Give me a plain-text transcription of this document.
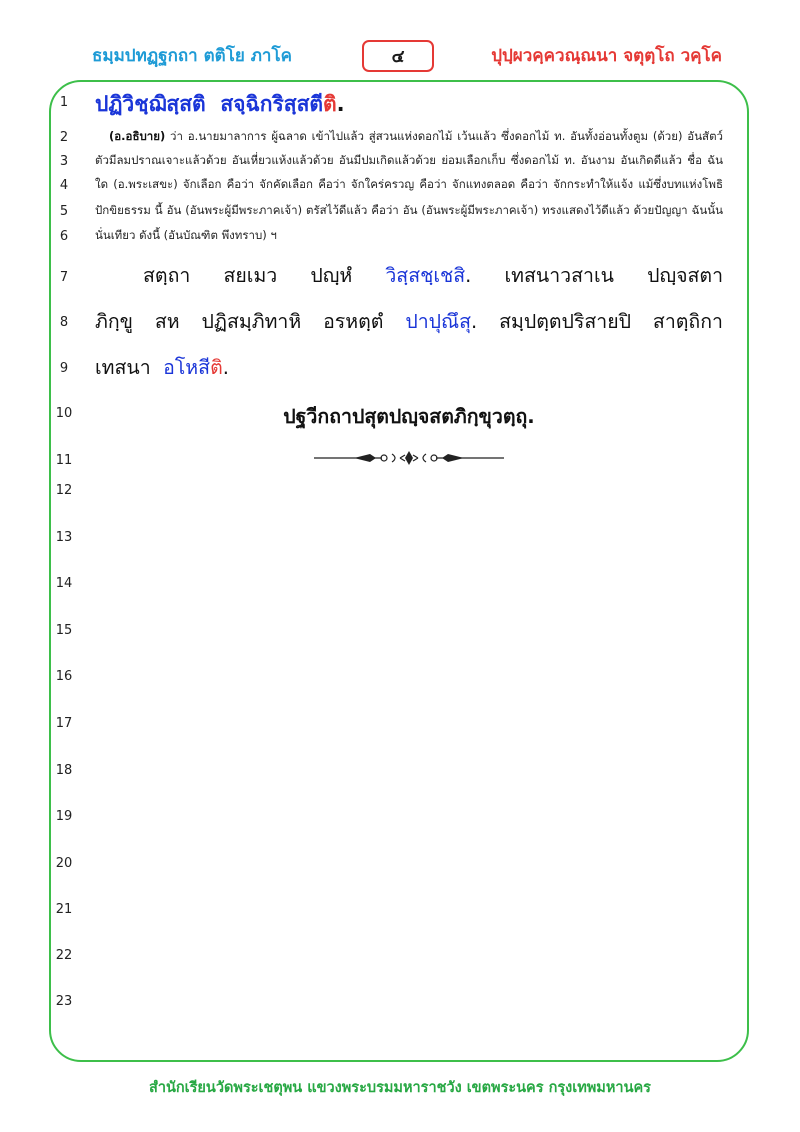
ธมฺมปทฏฺฐกถา ตติโย ภาโค	๔	ปุปฺผวคฺควณฺณนา จตุตฺโถ วคฺโค
1
2
3
4
5
6
7
8
9
10
11
12
13
14
15
16
17
18
19
20
21
22
23
ปฏิวิชฺฌิสฺสติ สจฺฉิกริสฺสตีติ.
(อ.อธิบาย) ว่า อ.นายมาลาการ ผู้ฉลาด เข้าไปแล้ว สู่สวนแห่งดอกไม้ เว้นแล้ว ซึ่งดอกไม้ ท. อันทั้งอ่อนทั้งตูม (ด้วย) อันสัตว์
ตัวมีลมปราณเจาะแล้วด้วย อันเหี่ยวแห้งแล้วด้วย อันมีปมเกิดแล้วด้วย ย่อมเลือกเก็บ ซึ่งดอกไม้ ท. อันงาม อันเกิดดีแล้ว ชื่อ ฉัน
ใด (อ.พระเสขะ) จักเลือก คือว่า จักคัดเลือก คือว่า จักใคร่ครวญ คือว่า จักแทงตลอด คือว่า จักกระทำให้แจ้ง แม้ซึ่งบทแห่งโพธิ
ปักขิยธรรม นี้ อัน (อันพระผู้มีพระภาคเจ้า) ตรัสไว้ดีแล้ว คือว่า อัน (อันพระผู้มีพระภาคเจ้า) ทรงแสดงไว้ดีแล้ว ด้วยปัญญา ฉันนั้น
นั่นเทียว ดังนี้ (อันบัณฑิต พึงทราบ) ฯ
สตฺถา สยเมว ปญฺหํ วิสฺสชฺเชสิ. เทสนาวสาเน ปญฺจสตา
ภิกฺขู สห ปฏิสมฺภิทาหิ อรหตฺตํ ปาปุณึสุ. สมฺปตฺตปริสายปิ สาตฺถิกา
เทสนา อโหสีติ.
ปฐวีกถาปสุตปญฺจสตภิกฺขุวตฺถุ.
สำนักเรียนวัดพระเชตุพน แขวงพระบรมมหาราชวัง เขตพระนคร กรุงเทพมหานคร
